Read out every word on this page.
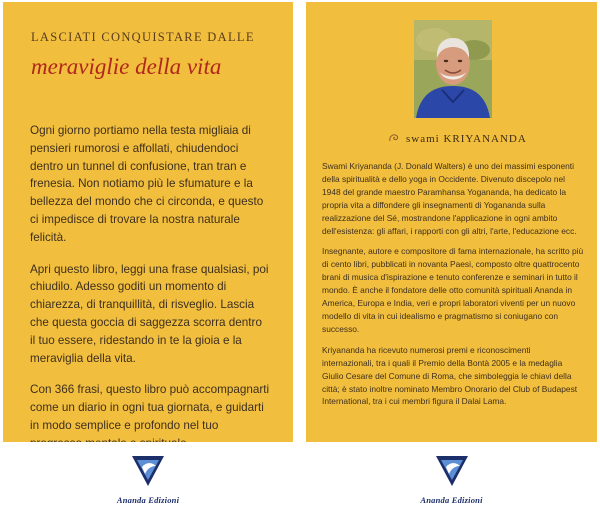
LASCIATI CONQUISTARE DALLE
meraviglie della vita

Ogni giorno portiamo nella testa migliaia di pensieri rumorosi e affollati, chiudendoci dentro un tunnel di confusione, tran tran e frenesia. Non notiamo più le sfumature e la bellezza del mondo che ci circonda, e questo ci impedisce di trovare la nostra naturale felicità.

Apri questo libro, leggi una frase qualsiasi, poi chiudilo. Adesso goditi un momento di chiarezza, di tranquillità, di risveglio. Lascia che questa goccia di saggezza scorra dentro il tuo essere, ridestando in te la gioia e la meraviglia della vita.

Con 366 frasi, questo libro può accompagnarti come un diario in ogni tua giornata, e guidarti in modo semplice e profondo nel tuo

Ananda Edizioni
swami KRIYANANDA

Swami Kriyananda (J. Donald Walters) è uno dei massimi esponenti della spiritualità e dello yoga in Occidente. Divenuto discepolo nel 1948 del grande maestro Paramhansa Yogananda, ha dedicato la propria vita a diffondere gli insegnamenti di Yogananda sulla realizzazione del Sé, mostrandone l'applicazione in ogni ambito dell'esistenza: gli affari, i rapporti con gli altri, l'arte, l'educazione ecc.

Insegnante, autore e compositore di fama internazionale, ha scritto più di cento libri, pubblicati in novanta Paesi, composto oltre quattrocento brani di musica d'ispirazione e tenuto conferenze e seminari in tutto il mondo. È anche il fondatore delle otto comunità spirituali Ananda in America, Europa e India, veri e propri laboratori viventi per un nuovo modello di vita in cui idealismo e pragmatismo si coniugano con successo.

Kriyananda ha ricevuto numerosi premi e riconoscimenti internazionali, tra i quali il Premio della Bontà 2005 e la medaglia Giulio Cesare del Comune di Roma, che simboleggia le chiavi della città; è stato inoltre nominato Membro Onorario del Club of Budapest International, tra i cui membri figura il Dalai Lama.

Ananda Edizioni
